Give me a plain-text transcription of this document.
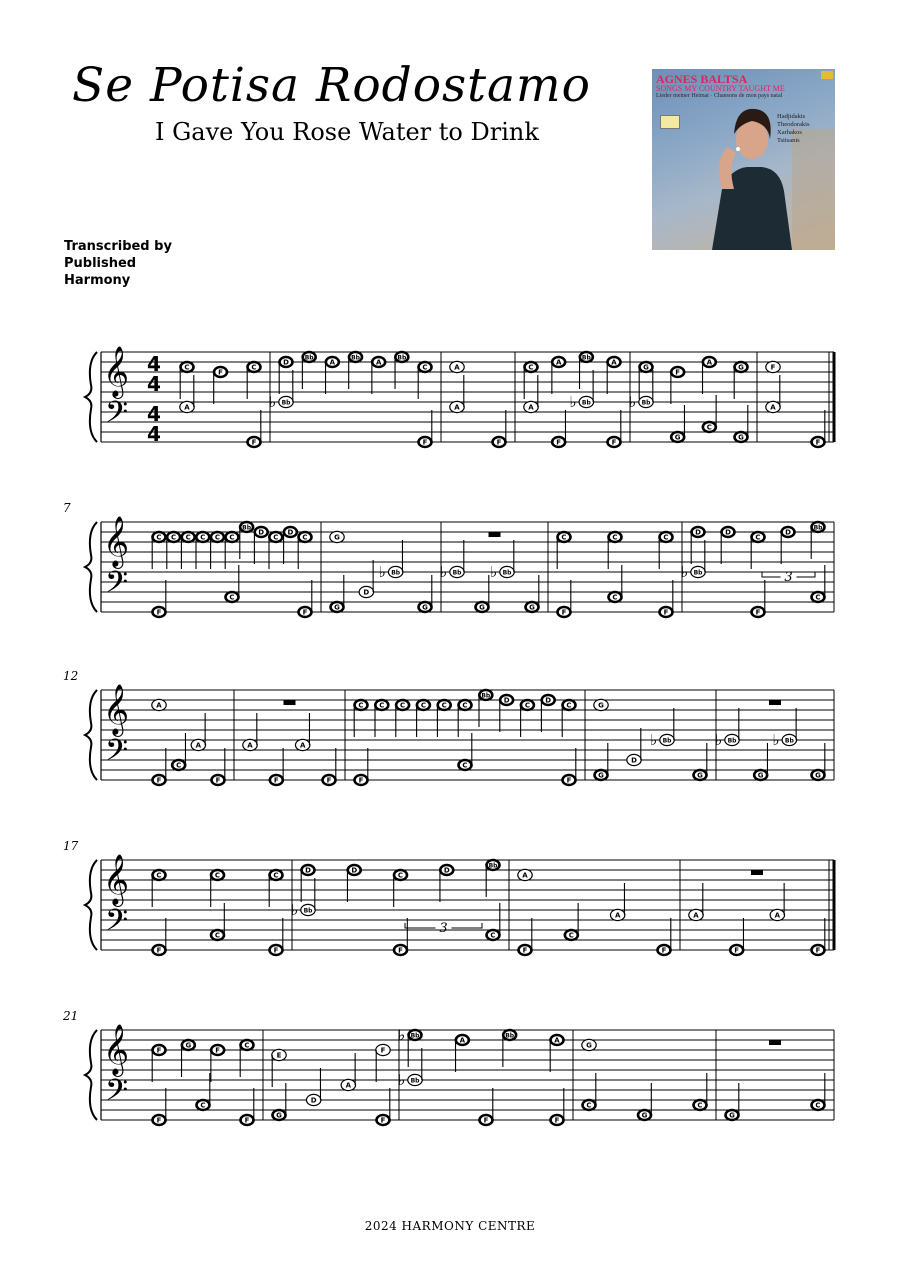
Se Potisa Rodostamo
I Gave You Rose Water to Drink
Transcribed by
Published
Harmony
AGNES BALTSA
SONGS MY COUNTRY TAUGHT ME
Lieder meiner Heimat · Chansons de mon pays natal
Hadjidakis
Theodorakis
Xarhakos
Tsitsanis
𝄞
𝄢
4
4
4
4
C
F
C
A
F
D
Bb
A
Bb
A
Bb
C
Bb
♭
F
A
A
F
C
A
Bb
A
A
F
Bb
♭
F
G
F
A
G
Bb
♭
G
C
G
F
A
F
𝄞
𝄢
7
C C C C C C
Bb
D
C
D
C
F
C
F
G
G
D
Bb
♭
G
Bb
♭
G
Bb
♭
G
C	C	C
F
C
F
D	D
C
D
Bb
Bb
♭
F
C
𝄞
𝄢
12
A
F
C
A
F
A
F
A
F
C C C C C C
Bb
D
C
D
C
F
C
F
G
G
D
Bb
♭
G
Bb
♭
G
Bb
♭
G
𝄞
𝄢
17
C	C	C
F
C
F
D	D
C
D
Bb
Bb
♭
F
C
A
F
C
A
F
A
F
A
F
𝄞
𝄢
21
F
G
F
C
F
C
F
E
F
G
D
A
F
Bb
♭	A
Bb
A
Bb
♭
F	F
G
C
G
C
G
C
3
3
2024 HARMONY CENTRE
